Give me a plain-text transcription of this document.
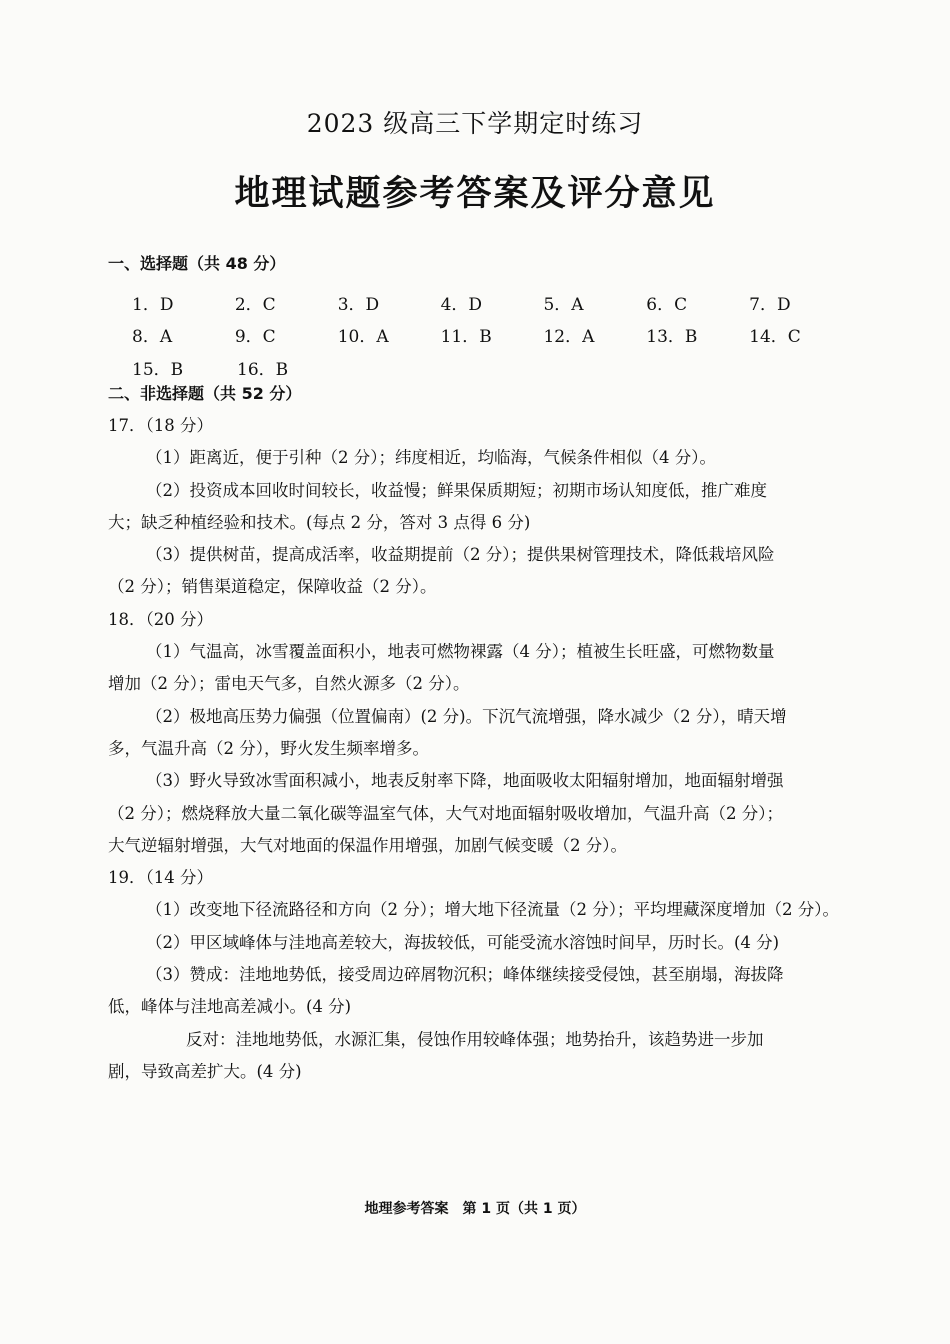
2023 级高三下学期定时练习
地理试题参考答案及评分意见
一、选择题（共 48 分）
1．D	2．C	3．D	4．D	5．A	6．C	7．D
8．A	9．C	10．A	11．B	12．A	13．B	14．C
15．B	16．B
二、非选择题（共 52 分）
17．（18 分）
（1）距离近，便于引种（2 分）；纬度相近，均临海，气候条件相似（4 分）。
（2）投资成本回收时间较长，收益慢；鲜果保质期短；初期市场认知度低，推广难度
大；缺乏种植经验和技术。(每点 2 分，答对 3 点得 6 分)
（3）提供树苗，提高成活率，收益期提前（2 分）；提供果树管理技术，降低栽培风险
（2 分）；销售渠道稳定，保障收益（2 分）。
18．（20 分）
（1）气温高，冰雪覆盖面积小，地表可燃物裸露（4 分）；植被生长旺盛，可燃物数量
增加（2 分）；雷电天气多，自然火源多（2 分）。
（2）极地高压势力偏强（位置偏南）(2 分)。下沉气流增强，降水减少（2 分），晴天增
多，气温升高（2 分），野火发生频率增多。
（3）野火导致冰雪面积减小，地表反射率下降，地面吸收太阳辐射增加，地面辐射增强
（2 分）；燃烧释放大量二氧化碳等温室气体，大气对地面辐射吸收增加，气温升高（2 分）；
大气逆辐射增强，大气对地面的保温作用增强，加剧气候变暖（2 分）。
19．（14 分）
（1）改变地下径流路径和方向（2 分）；增大地下径流量（2 分）；平均埋藏深度增加（2 分）。
（2）甲区域峰体与洼地高差较大，海拔较低，可能受流水溶蚀时间早，历时长。(4 分)
（3）赞成：洼地地势低，接受周边碎屑物沉积；峰体继续接受侵蚀，甚至崩塌，海拔降
低，峰体与洼地高差减小。(4 分)
反对：洼地地势低，水源汇集，侵蚀作用较峰体强；地势抬升，该趋势进一步加
剧，导致高差扩大。(4 分)
地理参考答案　第 1 页（共 1 页）
